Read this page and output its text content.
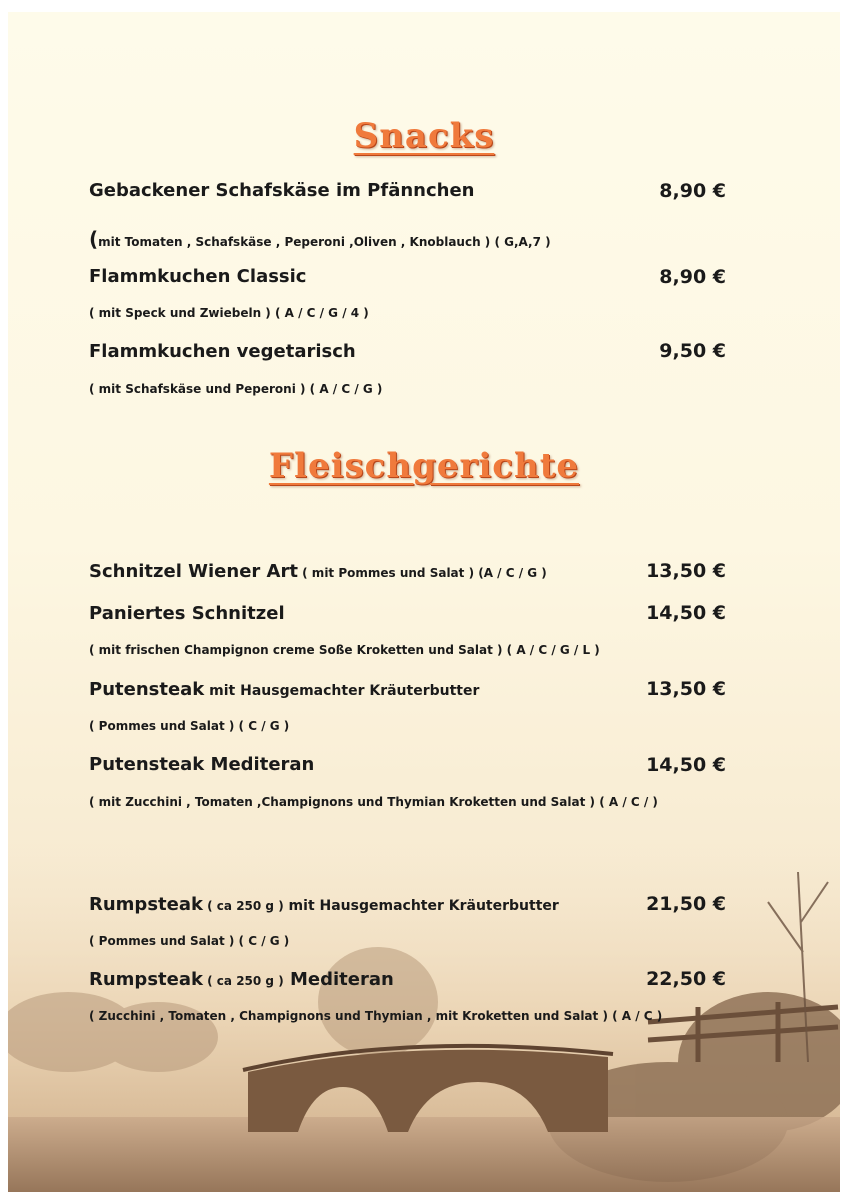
Snacks
Gebackener Schafskäse im Pfännchen	8,90 €
(mit Tomaten , Schafskäse , Peperoni ,Oliven , Knoblauch ) ( G,A,7 )
Flammkuchen Classic	8,90 €
( mit Speck und Zwiebeln ) ( A / C / G / 4 )
Flammkuchen vegetarisch	9,50 €
( mit Schafskäse und Peperoni ) ( A / C / G )
Fleischgerichte
Schnitzel Wiener Art ( mit Pommes und Salat ) (A / C / G )	13,50 €
Paniertes Schnitzel	14,50 €
( mit frischen Champignon creme Soße Kroketten und Salat ) ( A / C / G / L )
Putensteak mit Hausgemachter Kräuterbutter	13,50 €
( Pommes und Salat ) ( C / G )
Putensteak Mediteran	14,50 €
( mit Zucchini , Tomaten ,Champignons und Thymian Kroketten und Salat ) ( A / C / )
Rumpsteak ( ca 250 g ) mit Hausgemachter Kräuterbutter	21,50 €
( Pommes und Salat ) ( C / G )
Rumpsteak ( ca 250 g ) Mediteran	22,50 €
( Zucchini , Tomaten , Champignons und Thymian , mit Kroketten und Salat ) ( A / C )
